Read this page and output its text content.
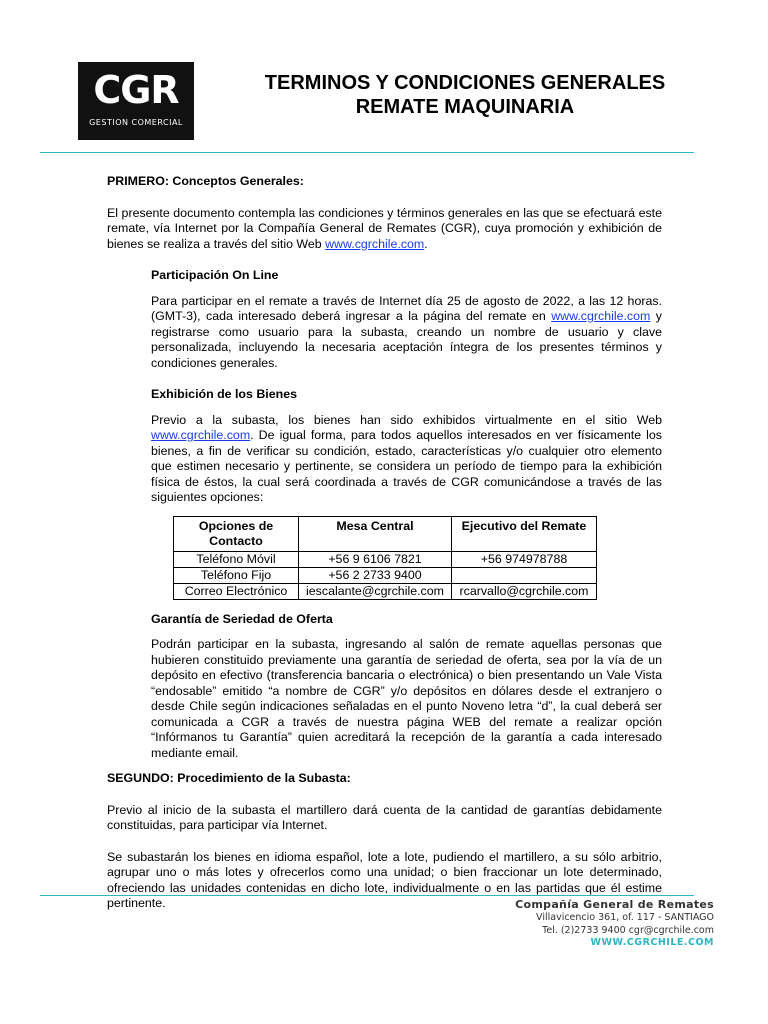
CGR
GESTION COMERCIAL
TERMINOS Y CONDICIONES GENERALES
REMATE MAQUINARIA
PRIMERO: Conceptos Generales:

El presente documento contempla las condiciones y términos generales en las que se efectuará este remate, vía Internet por la Compañía General de Remates (CGR), cuya promoción y exhibición de bienes se realiza a través del sitio Web www.cgrchile.com.

Participación On Line

Para participar en el remate a través de Internet día 25 de agosto de 2022, a las 12 horas. (GMT-3), cada interesado deberá ingresar a la página del remate en www.cgrchile.com y registrarse como usuario para la subasta, creando un nombre de usuario y clave personalizada, incluyendo la necesaria aceptación íntegra de los presentes términos y condiciones generales.

Exhibición de los Bienes

Previo a la subasta, los bienes han sido exhibidos virtualmente en el sitio Web www.cgrchile.com. De igual forma, para todos aquellos interesados en ver físicamente los bienes, a fin de verificar su condición, estado, características y/o cualquier otro elemento que estimen necesario y pertinente, se considera un período de tiempo para la exhibición física de éstos, la cual será coordinada a través de CGR comunicándose a través de las siguientes opciones:

Opciones de Contacto	Mesa Central	Ejecutivo del Remate
Teléfono Móvil	+56 9 6106 7821	+56 974978788
Teléfono Fijo	+56 2 2733 9400	
Correo Electrónico	iescalante@cgrchile.com	rcarvallo@cgrchile.com
Garantía de Seriedad de Oferta

Podrán participar en la subasta, ingresando al salón de remate aquellas personas que hubieren constituido previamente una garantía de seriedad de oferta, sea por la vía de un depósito en efectivo (transferencia bancaria o electrónica) o bien presentando un Vale Vista “endosable” emitido “a nombre de CGR” y/o depósitos en dólares desde el extranjero o desde Chile según indicaciones señaladas en el punto Noveno letra “d”, la cual deberá ser comunicada a CGR a través de nuestra página WEB del remate a realizar opción “Infórmanos tu Garantía” quien acreditará la recepción de la garantía a cada interesado mediante email.

SEGUNDO: Procedimiento de la Subasta:

Previo al inicio de la subasta el martillero dará cuenta de la cantidad de garantías debidamente constituidas, para participar vía Internet.

Se subastarán los bienes en idioma español, lote a lote, pudiendo el martillero, a su sólo arbitrio, agrupar uno o más lotes y ofrecerlos como una unidad; o bien fraccionar un lote determinado, ofreciendo las unidades contenidas en dicho lote, individualmente o en las partidas que él estime pertinente.	Compañía General de Remates
Villavicencio 361, of. 117 - SANTIAGO
Tel. (2)2733 9400 cgr@cgrchile.com
WWW.CGRCHILE.COM
